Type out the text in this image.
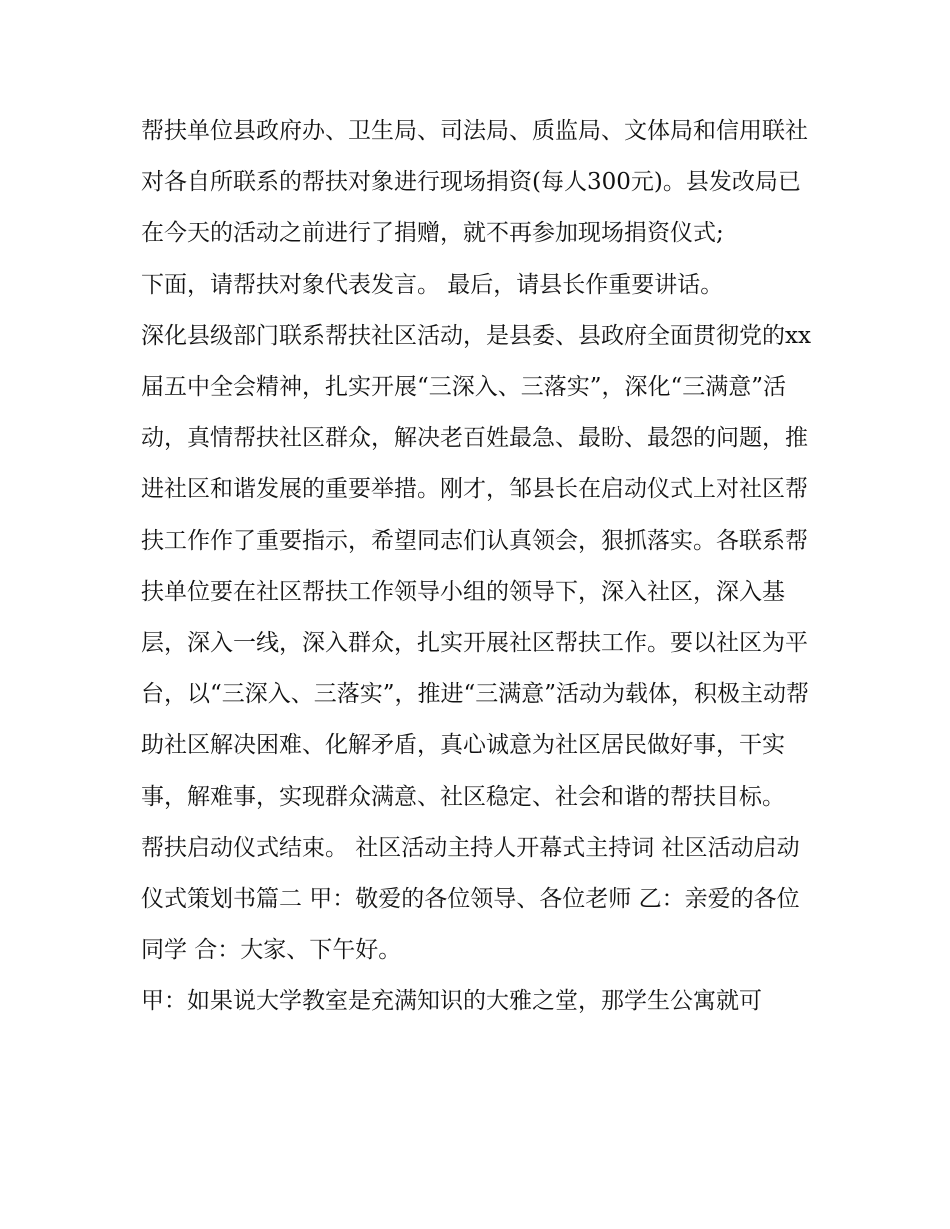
帮扶单位县政府办、卫生局、司法局、质监局、文体局和信用联社对各自所联系的帮扶对象进行现场捐资(每人300元)。县发改局已在今天的活动之前进行了捐赠，就不再参加现场捐资仪式;

下面，请帮扶对象代表发言。 最后，请县长作重要讲话。

深化县级部门联系帮扶社区活动，是县委、县政府全面贯彻党的xx届五中全会精神，扎实开展“三深入、三落实”，深化“三满意”活动，真情帮扶社区群众，解决老百姓最急、最盼、最怨的问题，推进社区和谐发展的重要举措。刚才，邹县长在启动仪式上对社区帮扶工作作了重要指示，希望同志们认真领会，狠抓落实。各联系帮扶单位要在社区帮扶工作领导小组的领导下，深入社区，深入基层，深入一线，深入群众，扎实开展社区帮扶工作。要以社区为平台，以“三深入、三落实”，推进“三满意”活动为载体，积极主动帮助社区解决困难、化解矛盾，真心诚意为社区居民做好事，干实事，解难事，实现群众满意、社区稳定、社会和谐的帮扶目标。

帮扶启动仪式结束。 社区活动主持人开幕式主持词 社区活动启动仪式策划书篇二 甲：敬爱的各位领导、各位老师 乙：亲爱的各位同学 合：大家、下午好。

甲：如果说大学教室是充满知识的大雅之堂，那学生公寓就可
